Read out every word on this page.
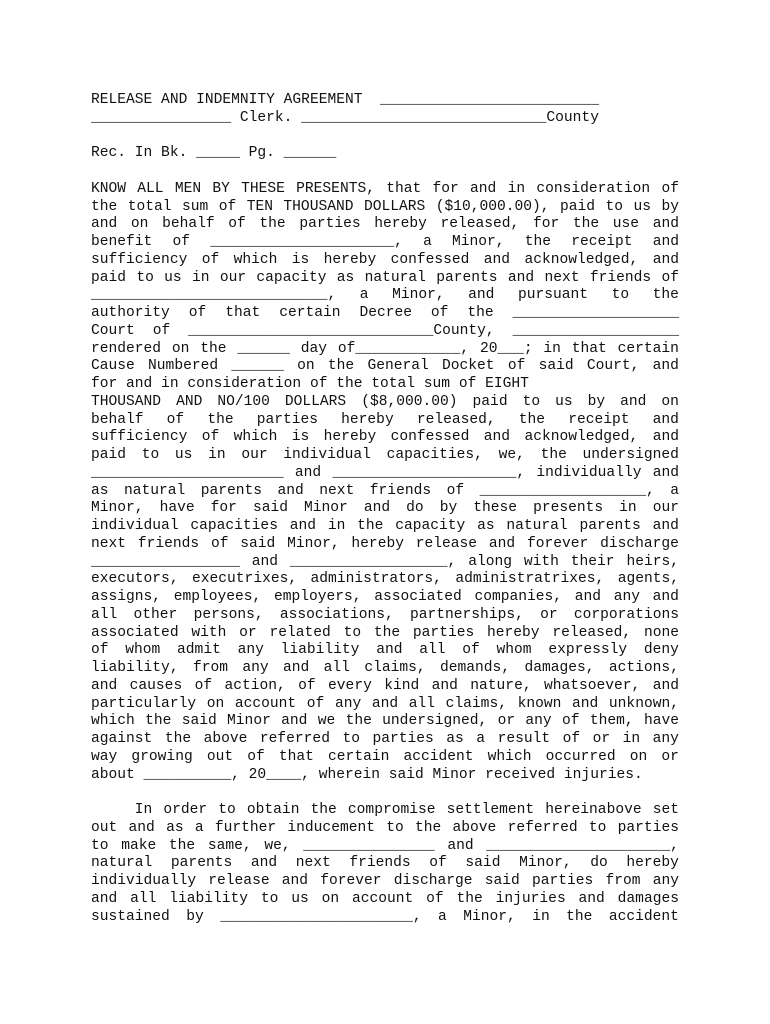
RELEASE AND INDEMNITY AGREEMENT  _________________________
________________ Clerk. ____________________________County
Rec. In Bk. _____ Pg. ______
KNOW ALL MEN BY THESE PRESENTS, that for and in consideration of
the total sum of TEN THOUSAND DOLLARS ($10,000.00), paid to us by
and on behalf of the parties hereby released, for the use and
benefit of _____________________, a Minor, the receipt and
sufficiency of which is hereby confessed and acknowledged, and
paid to us in our capacity as natural parents and next friends of
___________________________, a Minor, and pursuant to the
authority of that certain Decree of the ___________________
Court of ____________________________County, ___________________
rendered on the ______ day of____________, 20___; in that certain
Cause Numbered ______ on the General Docket of said Court, and
for and in consideration of the total sum of EIGHT
THOUSAND AND NO/100 DOLLARS ($8,000.00) paid to us by and on
behalf of the parties hereby released, the receipt and
sufficiency of which is hereby confessed and acknowledged, and
paid to us in our individual capacities, we, the undersigned
______________________ and _____________________, individually and
as natural parents and next friends of ___________________, a
Minor, have for said Minor and do by these presents in our
individual capacities and in the capacity as natural parents and
next friends of said Minor, hereby release and forever discharge
_________________ and __________________, along with their heirs,
executors, executrixes, administrators, administratrixes, agents,
assigns, employees, employers, associated companies, and any and
all other persons, associations, partnerships, or corporations
associated with or related to the parties hereby released, none
of whom admit any liability and all of whom expressly deny
liability, from any and all claims, demands, damages, actions,
and causes of action, of every kind and nature, whatsoever, and
particularly on account of any and all claims, known and unknown,
which the said Minor and we the undersigned, or any of them, have
against the above referred to parties as a result of or in any
way growing out of that certain accident which occurred on or
about __________, 20____, wherein said Minor received injuries.
In order to obtain the compromise settlement hereinabove set
out and as a further inducement to the above referred to parties
to make the same, we, _______________ and _____________________,
natural parents and next friends of said Minor, do hereby
individually release and forever discharge said parties from any
and all liability to us on account of the injuries and damages
sustained by ______________________, a Minor, in the accident
